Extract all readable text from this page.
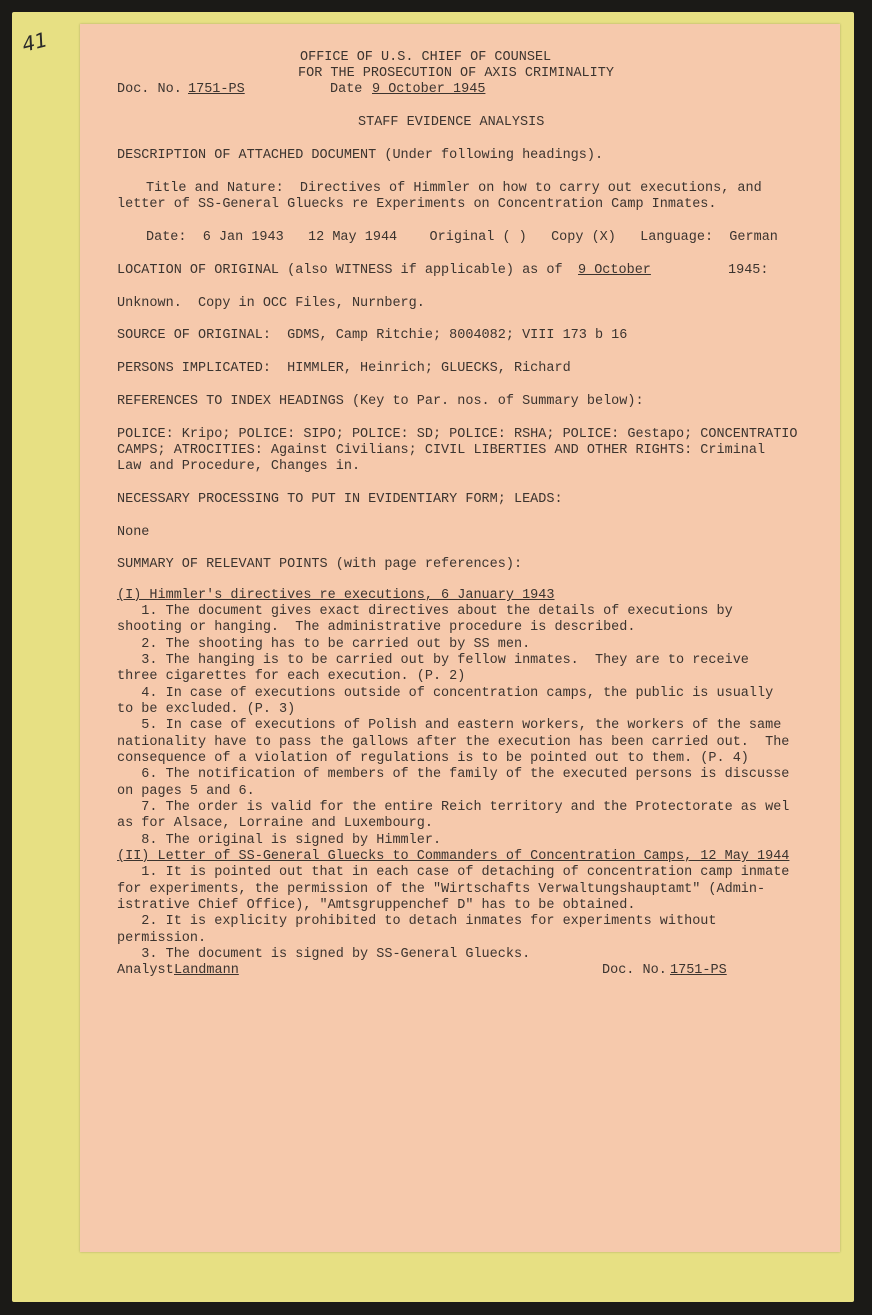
41
OFFICE OF U.S. CHIEF OF COUNSEL
FOR THE PROSECUTION OF AXIS CRIMINALITY
Doc. No. 1751-PS	Date 9 October 1945
STAFF EVIDENCE ANALYSIS
DESCRIPTION OF ATTACHED DOCUMENT (Under following headings).
Title and Nature:  Directives of Himmler on how to carry out executions, and
letter of SS-General Gluecks re Experiments on Concentration Camp Inmates.
Date:  6 Jan 1943   12 May 1944    Original ( )   Copy (X)   Language:  German
LOCATION OF ORIGINAL (also WITNESS if applicable) as of 9 October	1945:
Unknown.  Copy in OCC Files, Nurnberg.
SOURCE OF ORIGINAL:  GDMS, Camp Ritchie; 8004082; VIII 173 b 16
PERSONS IMPLICATED:  HIMMLER, Heinrich; GLUECKS, Richard
REFERENCES TO INDEX HEADINGS (Key to Par. nos. of Summary below):
POLICE: Kripo; POLICE: SIPO; POLICE: SD; POLICE: RSHA; POLICE: Gestapo; CONCENTRATIO
CAMPS; ATROCITIES: Against Civilians; CIVIL LIBERTIES AND OTHER RIGHTS: Criminal
Law and Procedure, Changes in.
NECESSARY PROCESSING TO PUT IN EVIDENTIARY FORM; LEADS:
None
SUMMARY OF RELEVANT POINTS (with page references):
(I) Himmler's directives re executions, 6 January 1943
1. The document gives exact directives about the details of executions by
shooting or hanging.  The administrative procedure is described.
2. The shooting has to be carried out by SS men.
3. The hanging is to be carried out by fellow inmates.  They are to receive
three cigarettes for each execution. (P. 2)
4. In case of executions outside of concentration camps, the public is usually
to be excluded. (P. 3)
5. In case of executions of Polish and eastern workers, the workers of the same
nationality have to pass the gallows after the execution has been carried out.  The
consequence of a violation of regulations is to be pointed out to them. (P. 4)
6. The notification of members of the family of the executed persons is discusse
on pages 5 and 6.
7. The order is valid for the entire Reich territory and the Protectorate as wel
as for Alsace, Lorraine and Luxembourg.
8. The original is signed by Himmler.
(II) Letter of SS-General Gluecks to Commanders of Concentration Camps, 12 May 1944
1. It is pointed out that in each case of detaching of concentration camp inmate
for experiments, the permission of the "Wirtschafts Verwaltungshauptamt" (Admin-
istrative Chief Office), "Amtsgruppenchef D" has to be obtained.
2. It is explicity prohibited to detach inmates for experiments without
permission.
3. The document is signed by SS-General Gluecks.
Analyst Landmann	Doc. No. 1751-PS
